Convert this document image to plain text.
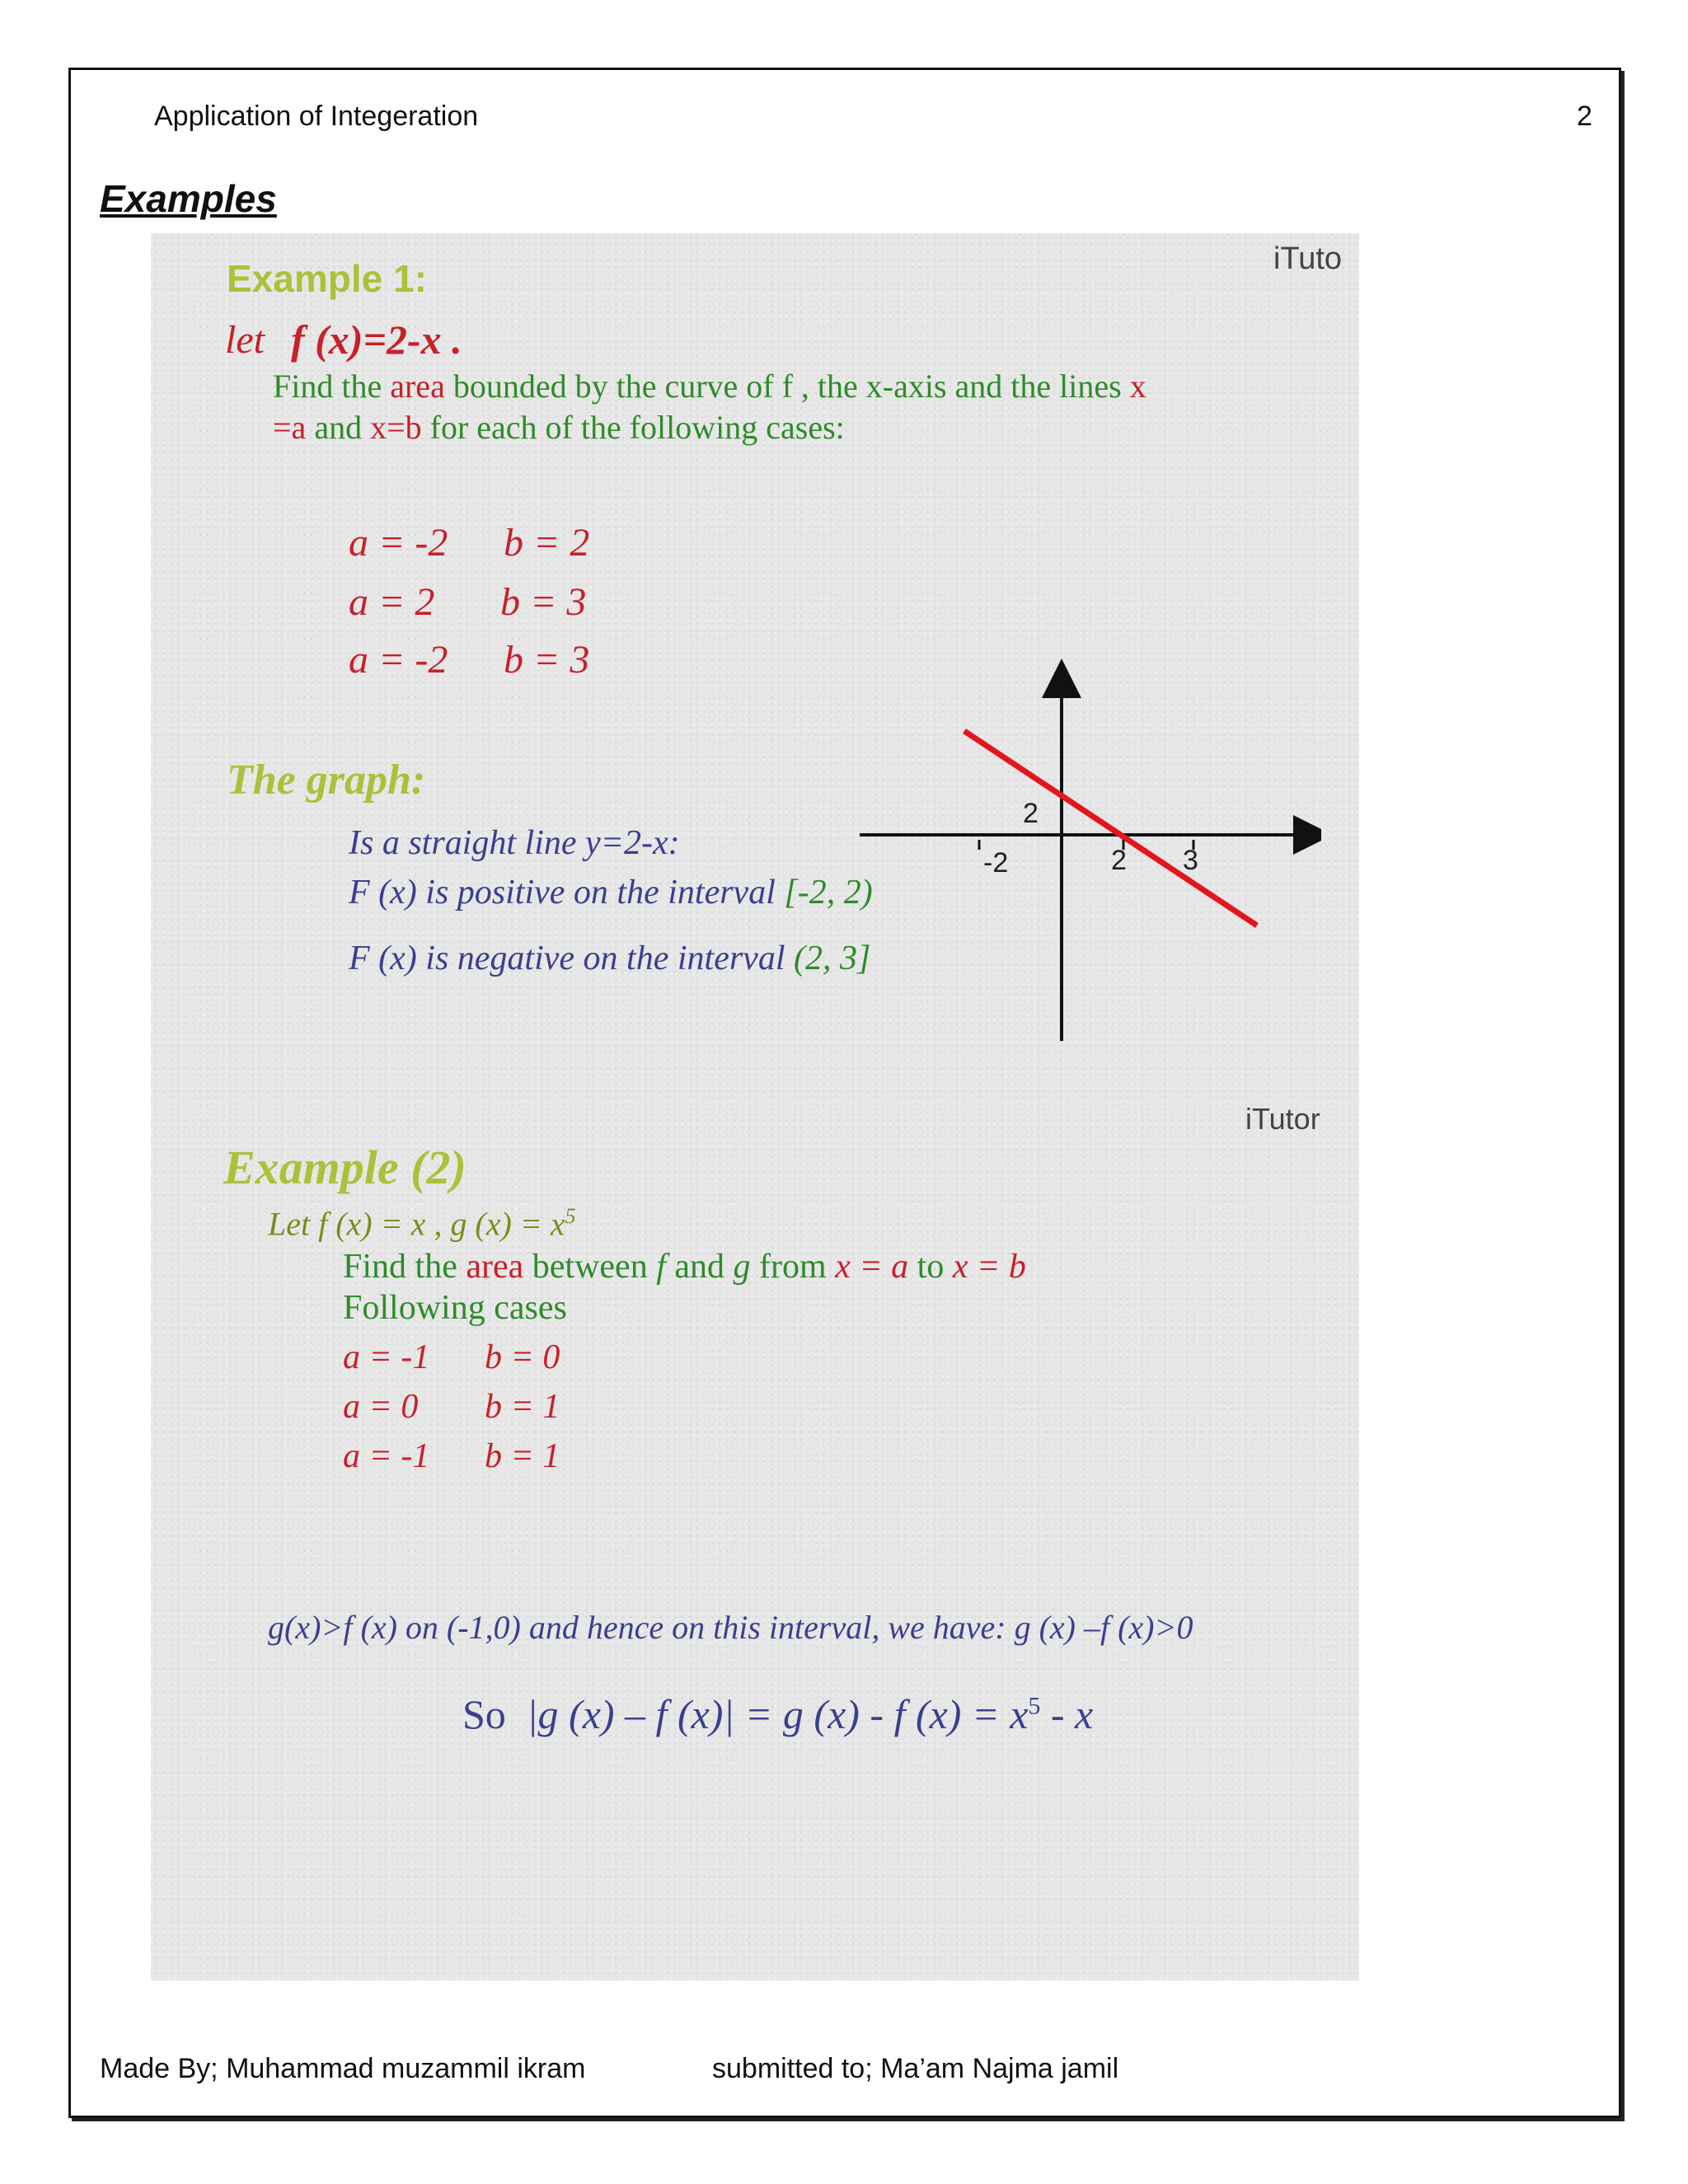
Application of Integeration	2
Examples
iTuto
iTutor
Example 1:
let f (x)=2-x .
Find the area bounded by the curve of f , the x-axis and the lines x
=a and x=b for each of the following cases:
a = -2 b = 2
a = 2 b = 3
a = -2 b = 3
2
-2	2 3
The graph:
Is a straight line y=2-x:
F (x) is positive on the interval [-2, 2)
F (x) is negative on the interval (2, 3]
Example (2)
Let f (x) = x , g $(x) = x^5$
Find the area between f and g from x = a to x = b
Following cases
a = -1 b = 0
a = 0 b = 1
a = -1 b = 1
g(x)>f (x) on (-1,0) and hence on this interval, we have: g (x) –f (x)>0
So |g (x) – f (x)| = g (x) - f $(x) = x^5 - x$
Made By; Muhammad muzammil ikram	submitted to; Ma’am Najma jamil
